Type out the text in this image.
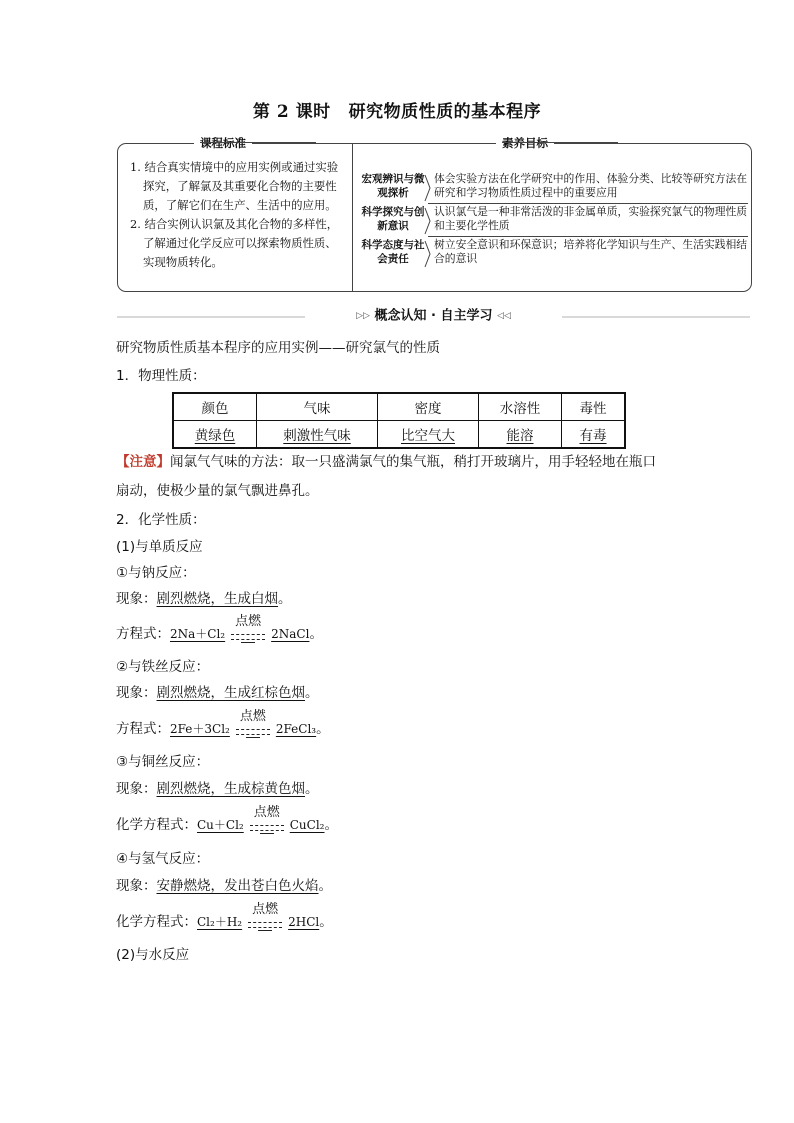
第 2 课时 研究物质性质的基本程序
课程标准	素养目标

1. 结合真实情境中的应用实例或通过实验探究，了解氯及其重要化合物的主要性质，了解它们在生产、生活中的应用。

2. 结合实例认识氯及其化合物的多样性，了解通过化学反应可以探索物质性质、实现物质转化。

宏观辨识与微观探析
体会实验方法在化学研究中的作用、体验分类、比较等研究方法在研究和学习物质性质过程中的重要应用
科学探究与创新意识
认识氯气是一种非常活泼的非金属单质，实验探究氯气的物理性质和主要化学性质
科学态度与社会责任
树立安全意识和环保意识；培养将化学知识与生产、生活实践相结合的意识
▷▷ 概念认知 · 自主学习 ◁◁
研究物质性质基本程序的应用实例——研究氯气的性质
1．物理性质：
颜色	气味	密度	水溶性	毒性
黄绿色	刺激性气味	比空气大	能溶	有毒
【注意】闻氯气气味的方法：取一只盛满氯气的集气瓶，稍打开玻璃片，用手轻轻地在瓶口
扇动，使极少量的氯气飘进鼻孔。
2．化学性质：
(1)与单质反应
①与钠反应：
现象：剧烈燃烧，生成白烟。
方程式：2Na＋Cl₂
点燃
2NaCl。
②与铁丝反应：
现象：剧烈燃烧，生成红棕色烟。
方程式：2Fe＋3Cl₂
点燃
2FeCl₃。
③与铜丝反应：
现象：剧烈燃烧，生成棕黄色烟。
化学方程式：Cu＋Cl₂
点燃
CuCl₂。
④与氢气反应：
现象：安静燃烧，发出苍白色火焰。
化学方程式：Cl₂＋H₂
点燃
2HCl。
(2)与水反应
